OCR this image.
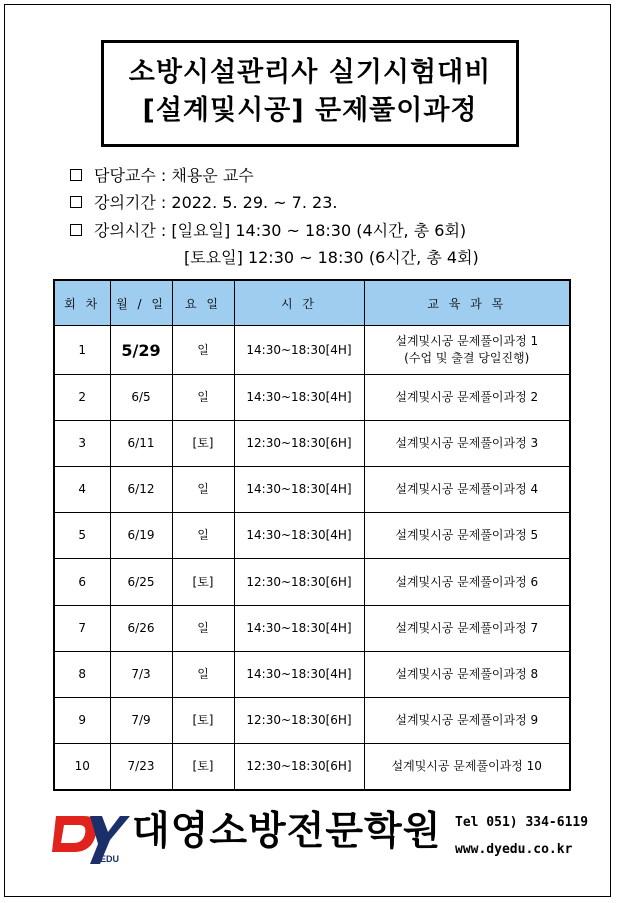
소방시설관리사 실기시험대비
[설계및시공] 문제풀이과정
담당교수 : 채용운 교수
강의기간 : 2022. 5. 29. ~ 7. 23.
강의시간 : [일요일] 14:30 ~ 18:30 (4시간, 총 6회)
[토요일] 12:30 ~ 18:30 (6시간, 총 4회)
회 차	월 / 일	요 일	시 간	교 육 과 목
1	5/29	일	14:30~18:30[4H]	설계및시공 문제풀이과정 1
(수업 및 출결 당일진행)

2	6/5	일	14:30~18:30[4H]	설계및시공 문제풀이과정 2
3	6/11	[토]	12:30~18:30[6H]	설계및시공 문제풀이과정 3
4	6/12	일	14:30~18:30[4H]	설계및시공 문제풀이과정 4
5	6/19	일	14:30~18:30[4H]	설계및시공 문제풀이과정 5
6	6/25	[토]	12:30~18:30[6H]	설계및시공 문제풀이과정 6
7	6/26	일	14:30~18:30[4H]	설계및시공 문제풀이과정 7
8	7/3	일	14:30~18:30[4H]	설계및시공 문제풀이과정 8
9	7/9	[토]	12:30~18:30[6H]	설계및시공 문제풀이과정 9
10	7/23	[토]	12:30~18:30[6H]	설계및시공 문제풀이과정 10
EDU
대영소방전문학원 Tel 051) 334-6119
www.dyedu.co.kr
